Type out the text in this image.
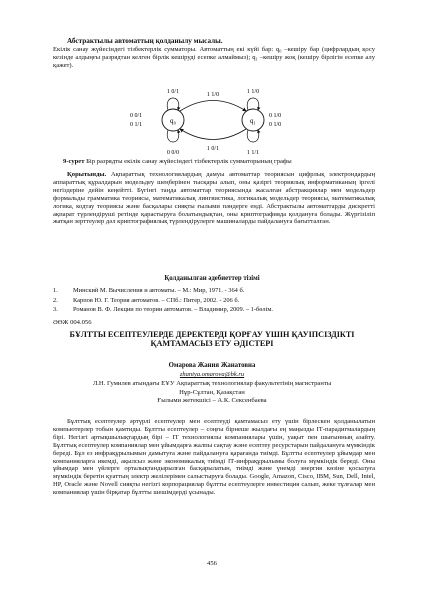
Абстрактылы автоматтың қолданылу мысалы.
Екілік санау жүйесіндегі тізбектерлік сумматоры. Автоматтың екі күйі бар: q₀ –кешіру бар (цифрлардың қосу кезінде алдыңғы разрядтан келген бірлік кешіруді есепке алмаймыз); q₁ –кешіру жоқ (кешіру бірлігін есепке алу қажет).
q₀	q₁
1 0/1	1 1/0
0 0/1
0 1/1
0 1/0
0 1/0
1 1/0
1 0/1
0 0/0	1 1/1
9-сурет Бір разрядты екілік санау жүйесіндегі тізбектерлік сумматорының графы
Қорытынды. Ақпараттық технологиялардың дамуы автоматтар теориясын цифрлық электрондардың аппараттық құралдарын модельдеу шеңберінен тысқары алып, оны қазіргі теориялық информатиканың іргелі негіздеріне дейін кеңейтті. Бүгінгі таңда автоматтар теориясында жасалған абстракциялар мен модельдер формальды грамматика теориясы, математикалық лингвистика, логикалық модельдер теориясы, математикалық логика, кодтау теориясы және басқалары сияқты ғылыми пәндерге енді. Абстрактылы автоматтарды дискретті ақпарат түрлендіруші ретінде қарастыруға болатындықтан, оны криптографияда қолдануға болады. Жүргізіліп жатқан зерттеулер дәл криптографиялық түрлендірулерге машиналарды пайдалануға бағытталған.
Қолданылған әдебиеттер тізімі
1.	Минский М. Вычисления и автоматы. – М.: Мир, 1971. - 364 б.
2.	Карпов Ю. Г. Теория автоматов. – СПб.: Питер, 2002. - 206 б.
3.	Романов В. Ф. Лекции по теории автоматов. – Владимир, 2009. – 1-бөлім.
ӘӨЖ 004.056
БҰЛТТЫ ЕСЕПТЕУЛЕРДЕ ДЕРЕКТЕРДІ ҚОРҒАУ ҮШІН ҚАУІПСІЗДІКТІ ҚАМТАМАСЫЗ ЕТУ ӘДІСТЕРІ
Омарова Жания Жанатовна
zhaniya.omarova@bk.ru
Л.Н. Гумилев атындағы ЕҰУ Ақпараттық технологиялар факультетінің магистранты
Нұр-Сұлтан, Қазақстан
Ғылыми жетекшісі – А.К. Сексенбаева
Бұлттық есептеулер әртүрлі есептеулер мен есептеуді қамтамасыз ету үшін бірлескен қолданылатын компьютерлер тобын қамтиды. Бұлтты есептеулер – соңғы бірнеше жылдағы ең маңызды ІТ-парадигмалардың бірі. Негізгі артықшылықтардың бірі – ІТ технологиялы компаниялары үшін, уақыт пен шығынның азайту. Бұлттық есептеулер компаниялар мен ұйымдарға жалпы сақтау және есептеу ресурстарын пайдалануға мүмкіндік береді. Бұл ез инфрақұрылымын дамытуға және пайдалануға қарағанда тиімді. Бұлтты есептеулер ұйымдар мен компанияларға икемді, ақылсыз және экономикалық тиімді ІТ-инфрақұрылымы болуға мүмкіндік береді. Оны ұйымдар мен үйлерге орталықтандырылған басқарылатын, тиімді және үнемді энергия көзіне қосылуға мүмкіндік беретін қуаттың электр желілерімен салыстыруға болады. Google, Amazon, Cisco, IBM, Sun, Dell, Intel, HP, Oracle және Novell сияқты негізгі корпорациялар бұлтты есептеулерге инвестиция салып, жеке тұлғалар мен компаниялар үшін бірқатар бұлтты шешімдерді ұсынады.
456
